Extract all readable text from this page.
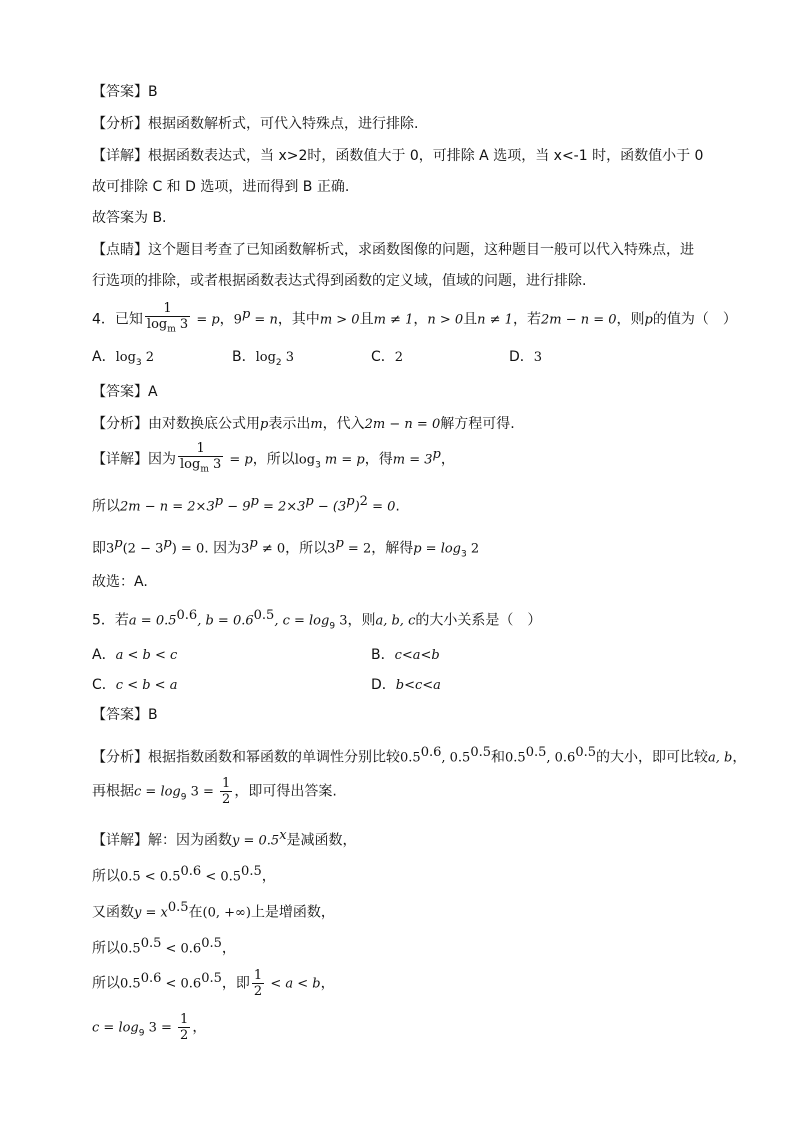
【答案】B
【分析】根据函数解析式，可代入特殊点，进行排除.
【详解】根据函数表达式，当 x>2时，函数值大于 0，可排除 A 选项，当 x<-1 时，函数值小于 0
故可排除 C 和 D 选项，进而得到 B 正确.
故答案为 B.
【点睛】这个题目考查了已知函数解析式，求函数图像的问题，这种题目一般可以代入特殊点，进
行选项的排除，或者根据函数表达式得到函数的定义域，值域的问题，进行排除.
4．已知 $\frac{1}{\log_m 3} = p$，$9^p = n$，其中m > 0且m ≠ 1，n > 0且n ≠ 1，若2m − n = 0，则p的值为（　）
A．$\log_3 2$	B．$\log_2 3$	C．2	D．3
【答案】A
【分析】由对数换底公式用p表示出m，代入2m − n = 0解方程可得.
【详解】因为 $\frac{1}{\log_m 3} = p$，所以$\log_3 m = p$，得$m = 3^p$，
所以$2m - n = 2\times 3^p - 9^p = 2\times 3^p - (3^p)^2 = 0$.
即$3^p(2 - 3^p) = 0$. 因为$3^p \ne 0$，所以$3^p = 2$，解得$p = \log_3 2$
故选：A.
5．若$a = 0.5^{0.6}$, $b = 0.6^{0.5}$, $c = \log_9 3$，则a, b, c的大小关系是（　）
A．a < b < c	B．c<a<b
C．c < b < a	D．b<c<a
【答案】B
【分析】根据指数函数和幂函数的单调性分别比较$0.5^{0.6}$, $0.5^{0.5}$和$0.5^{0.5}$, $0.6^{0.5}$的大小，即可比较a, b，
再根据$c = \log_9 3 = \frac{1}{2}$ ，即可得出答案.
【详解】解：因为函数$y = 0.5^x$是减函数，
所以$0.5 < 0.5^{0.6} < 0.5^{0.5}$，
又函数$y = x^{0.5}$在(0, +∞)上是增函数，
所以$0.5^{0.5} < 0.6^{0.5}$，
所以$0.5^{0.6} < 0.6^{0.5}$，即 $\frac{1}{2} < a < b$，
$c = \log_9 3 = \frac{1}{2}$ ，
